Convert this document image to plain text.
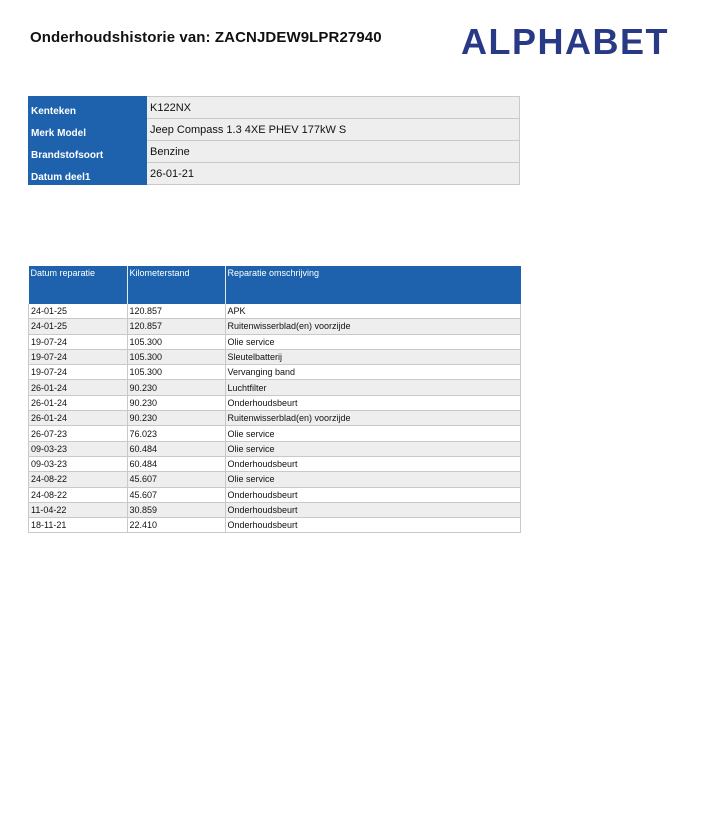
Onderhoudshistorie van: ZACNJDEW9LPR27940 ALPHABET
Kenteken	K122NX
Merk Model	Jeep Compass 1.3 4XE PHEV 177kW S
Brandstofsoort	Benzine
Datum deel1	26-01-21
Datum reparatie	Kilometerstand	Reparatie omschrijving
24-01-25	120.857	APK
24-01-25	120.857	Ruitenwisserblad(en) voorzijde
19-07-24	105.300	Olie service
19-07-24	105.300	Sleutelbatterij
19-07-24	105.300	Vervanging band
26-01-24	90.230	Luchtfilter
26-01-24	90.230	Onderhoudsbeurt
26-01-24	90.230	Ruitenwisserblad(en) voorzijde
26-07-23	76.023	Olie service
09-03-23	60.484	Olie service
09-03-23	60.484	Onderhoudsbeurt
24-08-22	45.607	Olie service
24-08-22	45.607	Onderhoudsbeurt
11-04-22	30.859	Onderhoudsbeurt
18-11-21	22.410	Onderhoudsbeurt
